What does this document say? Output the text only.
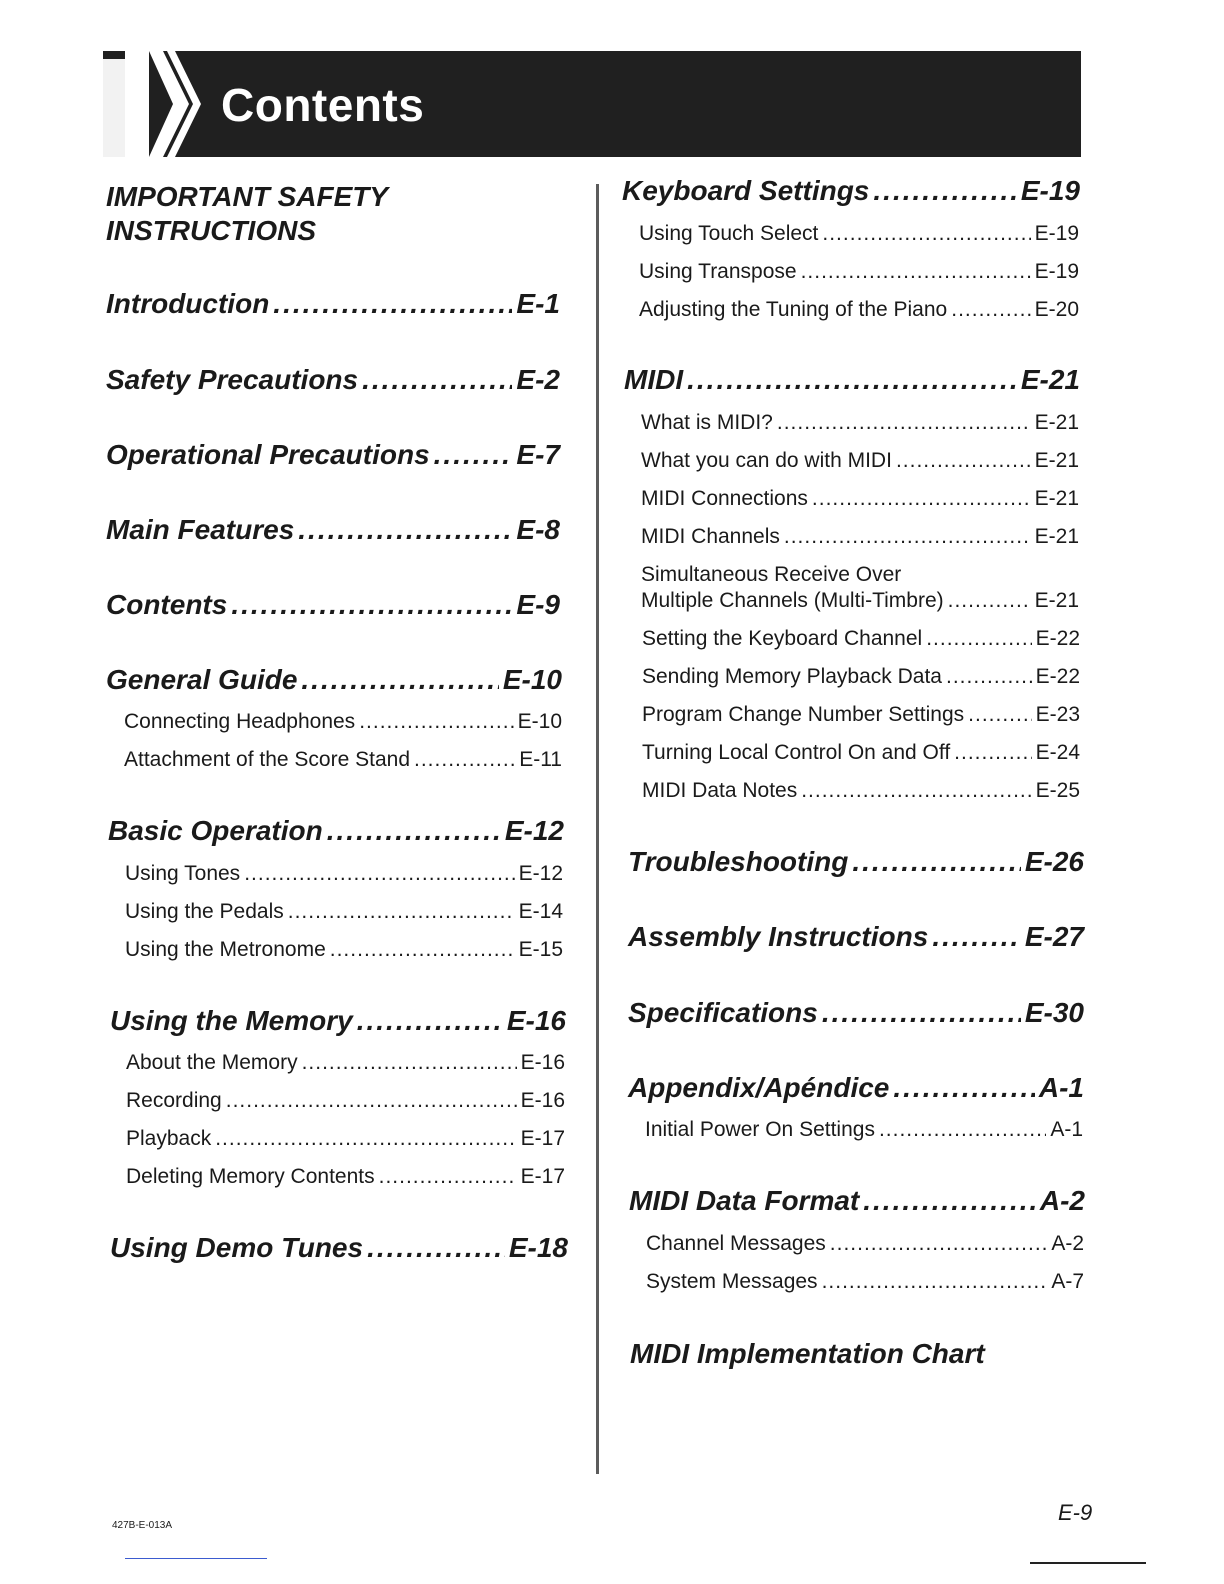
Contents
IMPORTANT SAFETY
INSTRUCTIONS
Introduction .....	E-1
Safety Precautions .....	E-2
Operational Precautions .....	E-7
Main Features .....	E-8
Contents .....	E-9
General Guide .....	E-10
Connecting Headphones .....	E-10
Attachment of the Score Stand .....	E-11
Basic Operation .....	E-12
Using Tones .....	E-12
Using the Pedals .....	E-14
Using the Metronome .....	E-15
Using the Memory .....	E-16
About the Memory .....	E-16
Recording .....	E-16
Playback .....	E-17
Deleting Memory Contents .....	E-17
Using Demo Tunes .....	E-18
Keyboard Settings .....	E-19
Using Touch Select .....	E-19
Using Transpose .....	E-19
Adjusting the Tuning of the Piano .....	E-20
MIDI .....	E-21
What is MIDI? .....	E-21
What you can do with MIDI .....	E-21
MIDI Connections .....	E-21
MIDI Channels .....	E-21
Simultaneous Receive Over
Multiple Channels (Multi-Timbre) .....	E-21
Setting the Keyboard Channel .....	E-22
Sending Memory Playback Data .....	E-22
Program Change Number Settings .....	E-23
Turning Local Control On and Off .....	E-24
MIDI Data Notes .....	E-25
Troubleshooting .....	E-26
Assembly Instructions .....	E-27
Specifications .....	E-30
Appendix/Apéndice .....	A-1
Initial Power On Settings .....	A-1
MIDI Data Format .....	A-2
Channel Messages .....	A-2
System Messages .....	A-7
MIDI Implementation Chart
427B-E-013A
E-9
